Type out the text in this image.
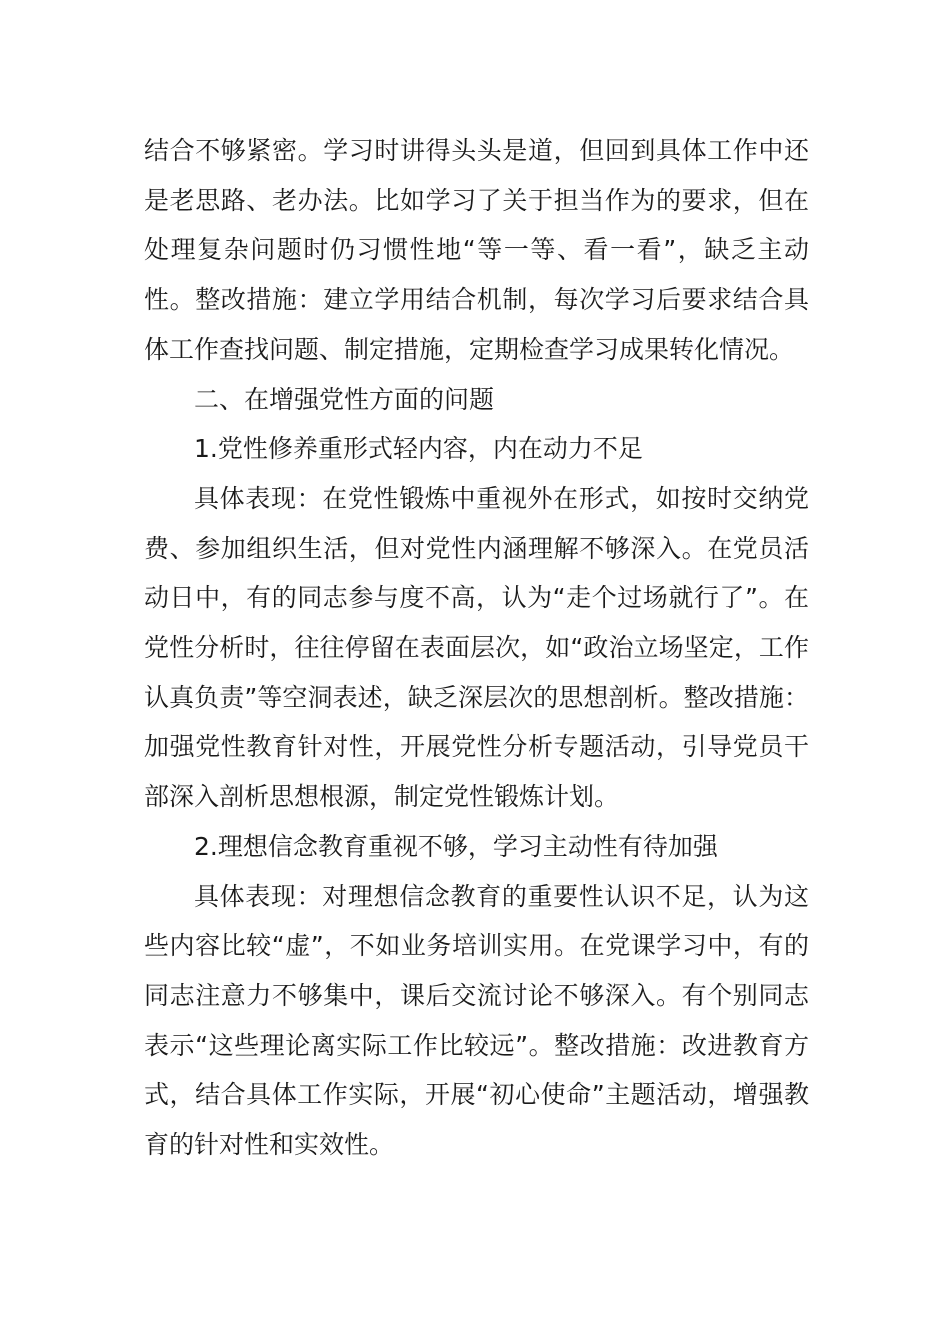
结合不够紧密。学习时讲得头头是道，但回到具体工作中还是老思路、老办法。比如学习了关于担当作为的要求，但在处理复杂问题时仍习惯性地“等一等、看一看”，缺乏主动性。整改措施：建立学用结合机制，每次学习后要求结合具体工作查找问题、制定措施，定期检查学习成果转化情况。

二、在增强党性方面的问题

1.党性修养重形式轻内容，内在动力不足

具体表现：在党性锻炼中重视外在形式，如按时交纳党费、参加组织生活，但对党性内涵理解不够深入。在党员活动日中，有的同志参与度不高，认为“走个过场就行了”。在党性分析时，往往停留在表面层次，如“政治立场坚定，工作认真负责”等空洞表述，缺乏深层次的思想剖析。整改措施：加强党性教育针对性，开展党性分析专题活动，引导党员干部深入剖析思想根源，制定党性锻炼计划。

2.理想信念教育重视不够，学习主动性有待加强

具体表现：对理想信念教育的重要性认识不足，认为这些内容比较“虚”，不如业务培训实用。在党课学习中，有的同志注意力不够集中，课后交流讨论不够深入。有个别同志表示“这些理论离实际工作比较远”。整改措施：改进教育方式，结合具体工作实际，开展“初心使命”主题活动，增强教育的针对性和实效性。
